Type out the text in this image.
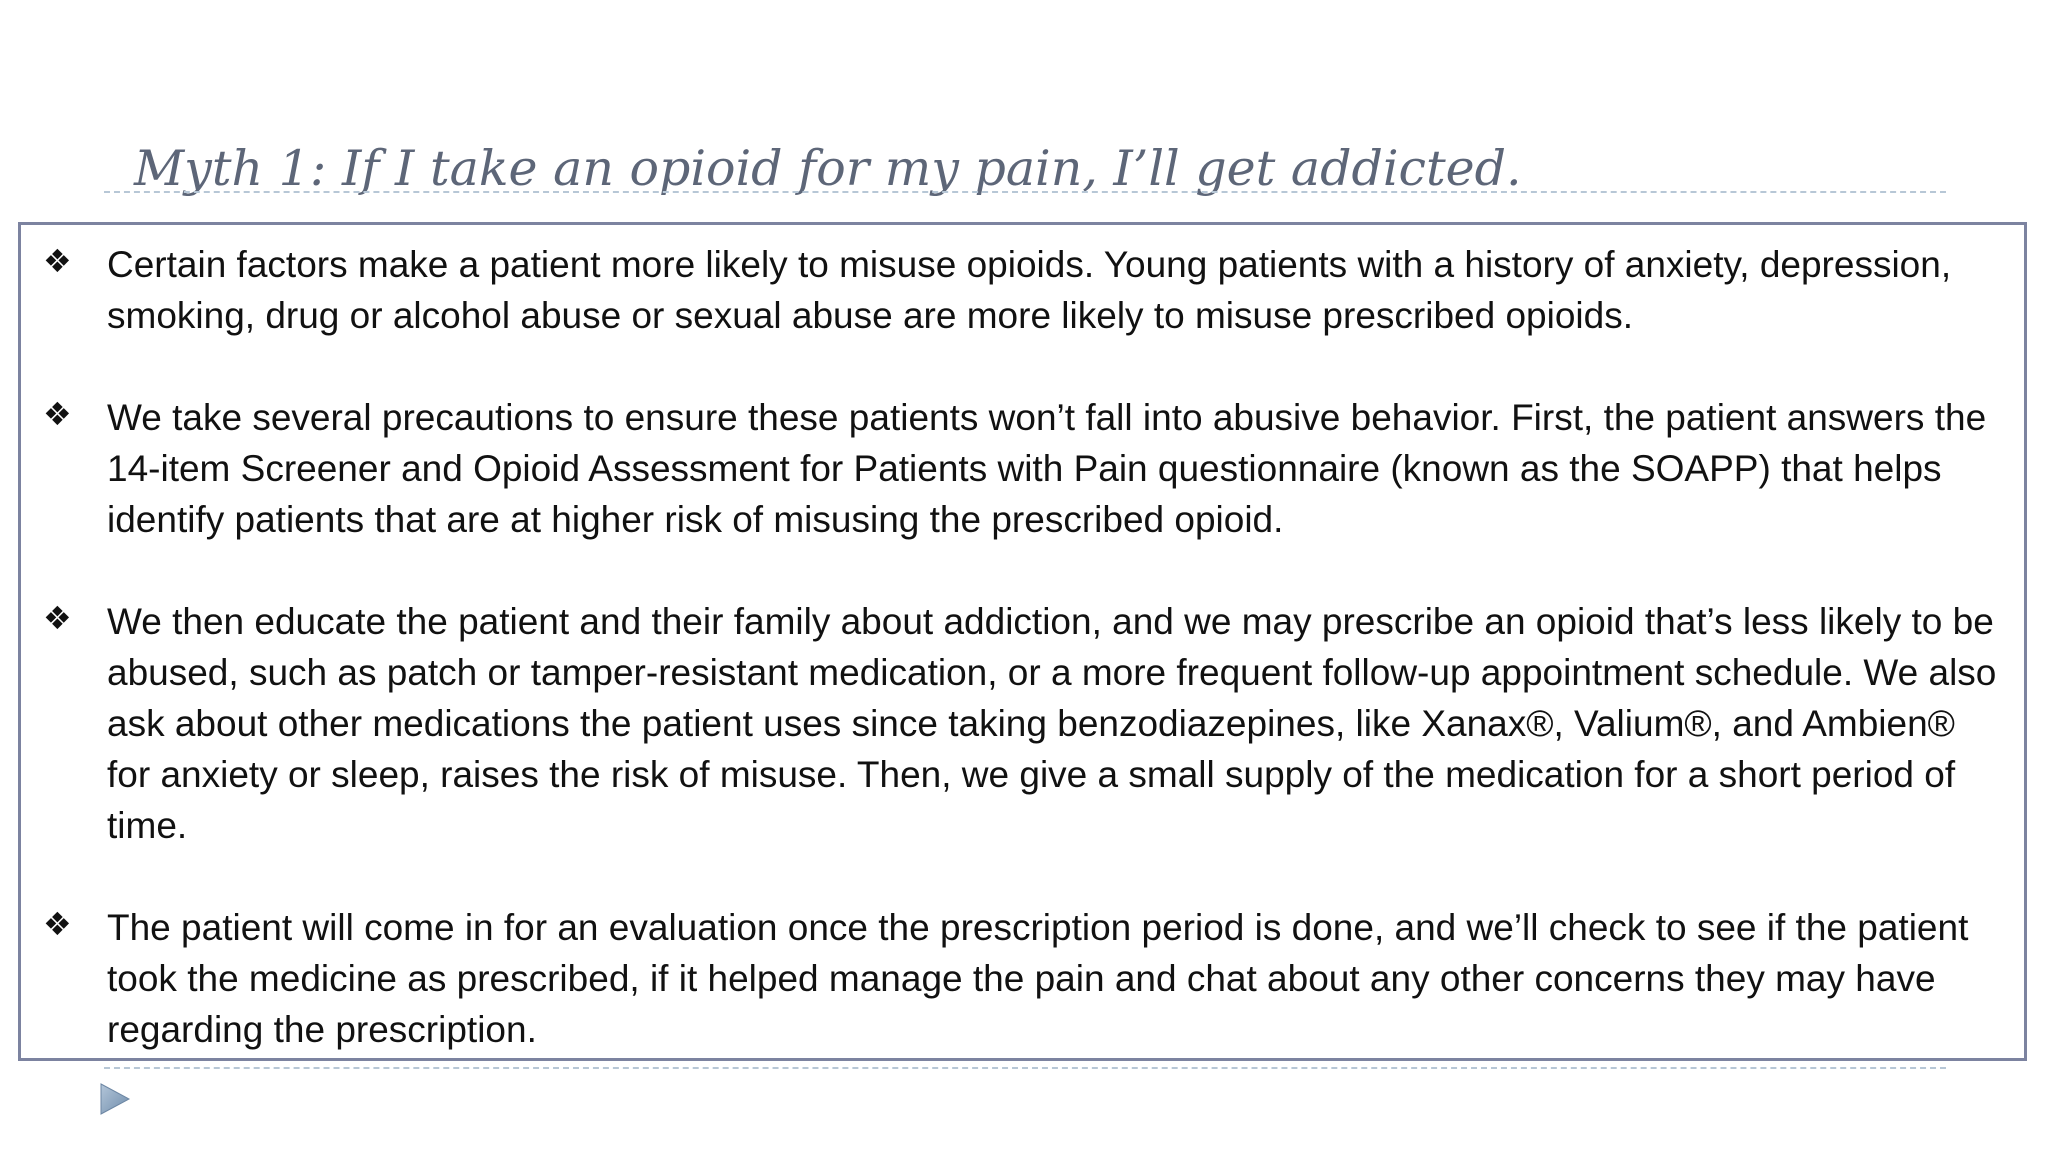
Myth 1: If I take an opioid for my pain, I’ll get addicted.
❖ Certain factors make a patient more likely to misuse opioids. Young patients with a history of anxiety, depression, smoking, drug or alcohol abuse or sexual abuse are more likely to misuse prescribed opioids.
❖ We take several precautions to ensure these patients won’t fall into abusive behavior. First, the patient answers the 14-item Screener and Opioid Assessment for Patients with Pain questionnaire (known as the SOAPP) that helps identify patients that are at higher risk of misusing the prescribed opioid.
❖ We then educate the patient and their family about addiction, and we may prescribe an opioid that’s less likely to be abused, such as patch or tamper-resistant medication, or a more frequent follow-up appointment schedule. We also ask about other medications the patient uses since taking benzodiazepines, like Xanax®, Valium®, and Ambien® for anxiety or sleep, raises the risk of misuse. Then, we give a small supply of the medication for a short period of time.
❖ The patient will come in for an evaluation once the prescription period is done, and we’ll check to see if the patient took the medicine as prescribed, if it helped manage the pain and chat about any other concerns they may have regarding the prescription.
